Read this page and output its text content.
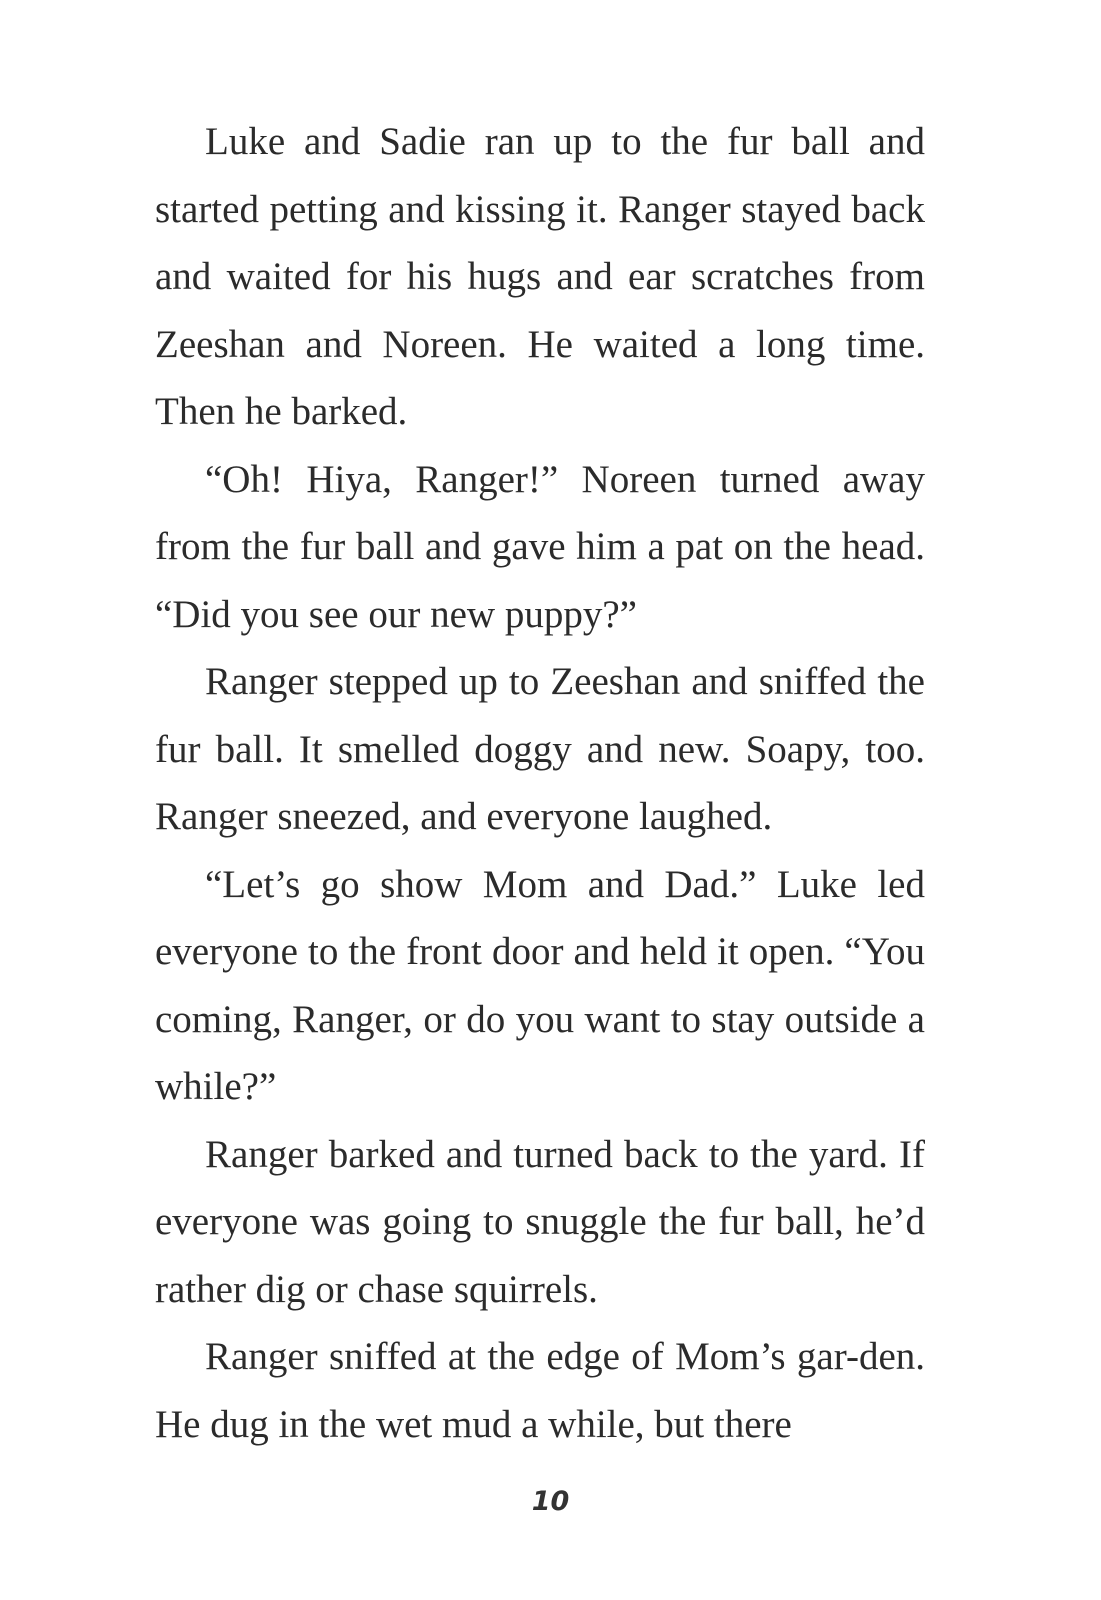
Luke and Sadie ran up to the fur ball and started petting and kissing it. Ranger stayed back and waited for his hugs and ear scratches from Zeeshan and Noreen. He waited a long time. Then he barked.

“Oh! Hiya, Ranger!” Noreen turned away from the fur ball and gave him a pat on the head. “Did you see our new puppy?”

Ranger stepped up to Zeeshan and sniffed the fur ball. It smelled doggy and new. Soapy, too. Ranger sneezed, and everyone laughed.

“Let’s go show Mom and Dad.” Luke led everyone to the front door and held it open. “You coming, Ranger, or do you want to stay outside a while?”

Ranger barked and turned back to the yard. If everyone was going to snuggle the fur ball, he’d rather dig or chase squirrels.

Ranger sniffed at the edge of Mom’s gar-den. He dug in the wet mud a while, but there

10
